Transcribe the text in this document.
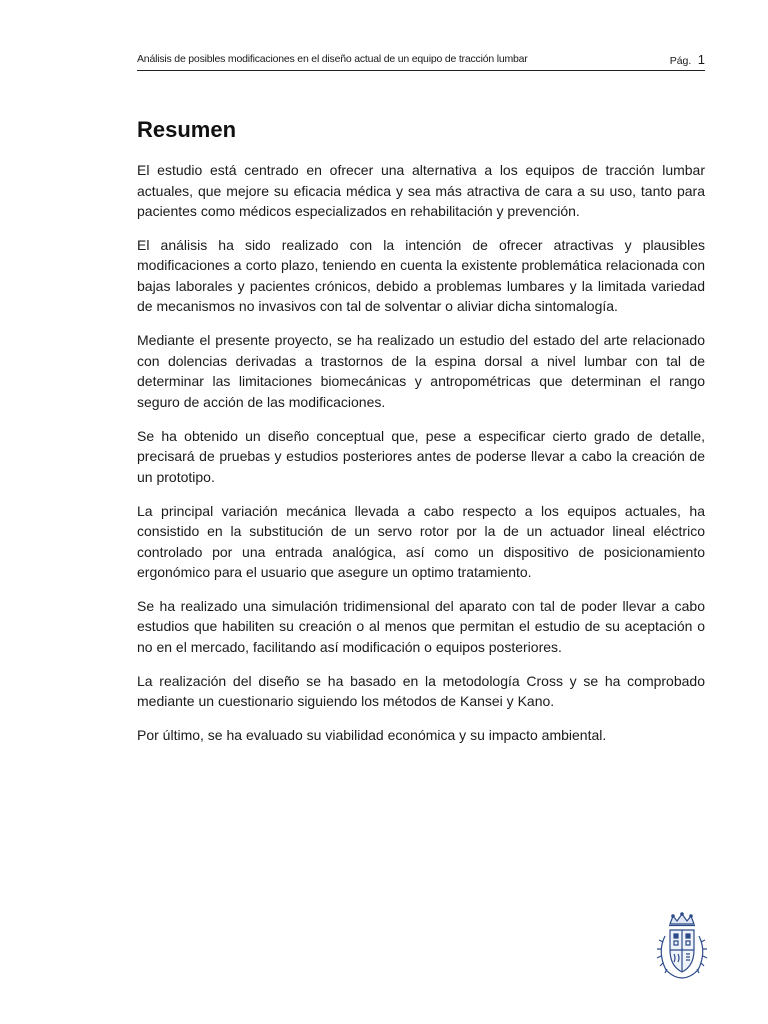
Análisis de posibles modificaciones en el diseño actual de un equipo de tracción lumbar	Pág. 1
Resumen

El estudio está centrado en ofrecer una alternativa a los equipos de tracción lumbar actuales, que mejore su eficacia médica y sea más atractiva de cara a su uso, tanto para pacientes como médicos especializados en rehabilitación y prevención.

El análisis ha sido realizado con la intención de ofrecer atractivas y plausibles modificaciones a corto plazo, teniendo en cuenta la existente problemática relacionada con bajas laborales y pacientes crónicos, debido a problemas lumbares y la limitada variedad de mecanismos no invasivos con tal de solventar o aliviar dicha sintomalogía.

Mediante el presente proyecto, se ha realizado un estudio del estado del arte relacionado con dolencias derivadas a trastornos de la espina dorsal a nivel lumbar con tal de determinar las limitaciones biomecánicas y antropométricas que determinan el rango seguro de acción de las modificaciones.

Se ha obtenido un diseño conceptual que, pese a especificar cierto grado de detalle, precisará de pruebas y estudios posteriores antes de poderse llevar a cabo la creación de un prototipo.

La principal variación mecánica llevada a cabo respecto a los equipos actuales, ha consistido en la substitución de un servo rotor por la de un actuador lineal eléctrico controlado por una entrada analógica, así como un dispositivo de posicionamiento ergonómico para el usuario que asegure un optimo tratamiento.

Se ha realizado una simulación tridimensional del aparato con tal de poder llevar a cabo estudios que habiliten su creación o al menos que permitan el estudio de su aceptación o no en el mercado, facilitando así modificación o equipos posteriores.

La realización del diseño se ha basado en la metodología Cross y se ha comprobado mediante un cuestionario siguiendo los métodos de Kansei y Kano.

Por último, se ha evaluado su viabilidad económica y su impacto ambiental.
